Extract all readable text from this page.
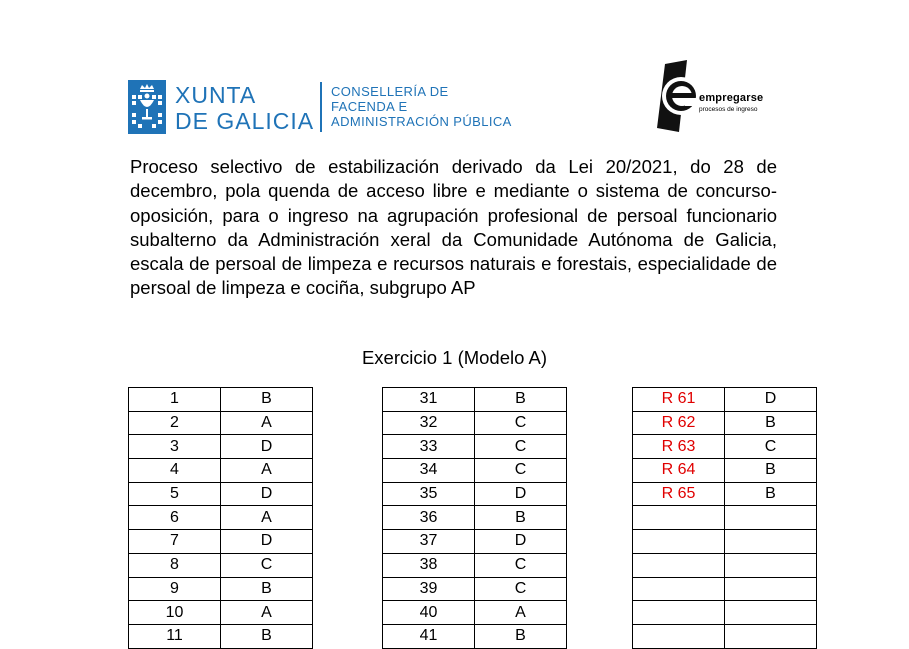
XUNTA
DE GALICIA
CONSELLERÍA DE
FACENDA E
ADMINISTRACIÓN PÚBLICA
empregarse
procesos de ingreso
Proceso selectivo de estabilización derivado da Lei 20/2021, do 28 de decembro, pola quenda de acceso libre e mediante o sistema de concurso-oposición, para o ingreso na agrupación profesional de persoal funcionario subalterno da Administración xeral da Comunidade Autónoma de Galicia, escala de persoal de limpeza e recursos naturais e forestais, especialidade de persoal de limpeza e cociña, subgrupo AP
Exercicio 1 (Modelo A)
1	B
2	A
3	D
4	A
5	D
6	A
7	D
8	C
9	B
10	A
11	B
31	B
32	C
33	C
34	C
35	D
36	B
37	D
38	C
39	C
40	A
41	B
R 61	D
R 62	B
R 63	C
R 64	B
R 65	B
